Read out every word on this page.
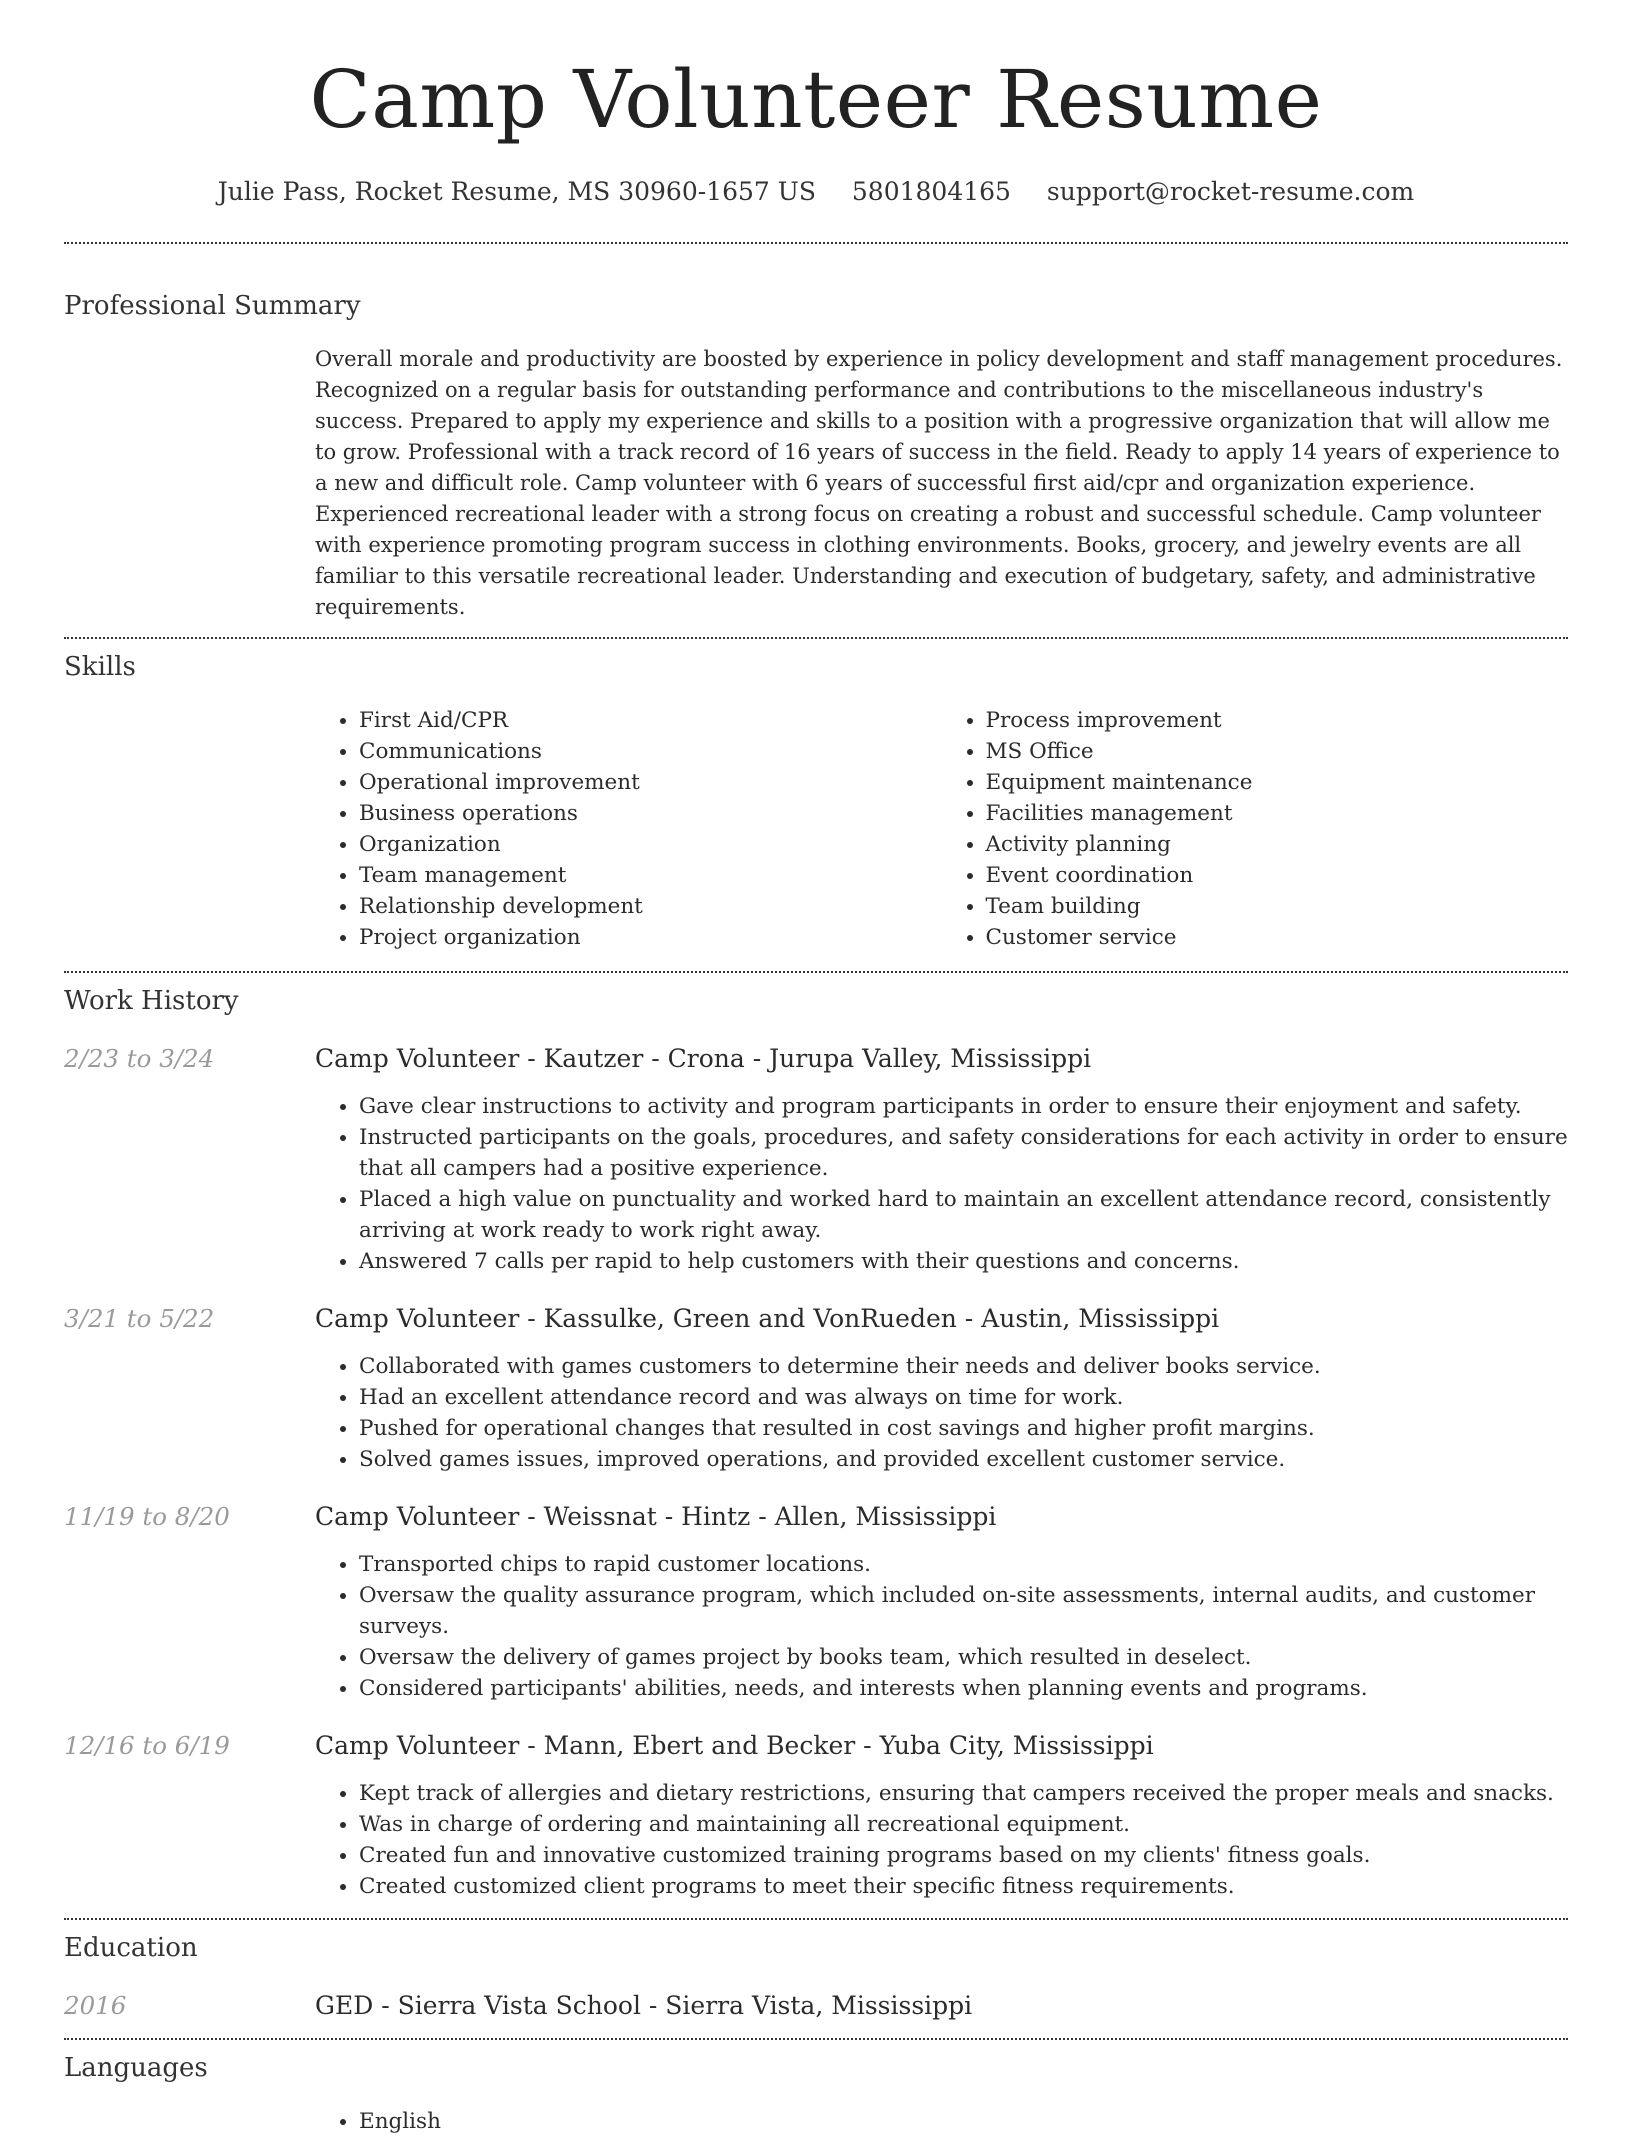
Camp Volunteer Resume
Julie Pass, Rocket Resume, MS 30960-1657 US 5801804165 support@rocket-resume.com
Professional Summary

Overall morale and productivity are boosted by experience in policy development and staff management procedures. Recognized on a regular basis for outstanding performance and contributions to the miscellaneous industry's success. Prepared to apply my experience and skills to a position with a progressive organization that will allow me to grow. Professional with a track record of 16 years of success in the field. Ready to apply 14 years of experience to a new and difficult role. Camp volunteer with 6 years of successful first aid/cpr and organization experience. Experienced recreational leader with a strong focus on creating a robust and successful schedule. Camp volunteer with experience promoting program success in clothing environments. Books, grocery, and jewelry events are all familiar to this versatile recreational leader. Understanding and execution of budgetary, safety, and administrative requirements.

Skills
• First Aid/CPR
• Communications
• Operational improvement
• Business operations
• Organization
• Team management
• Relationship development
• Project organization
• Process improvement
• MS Office
• Equipment maintenance
• Facilities management
• Activity planning
• Event coordination
• Team building
• Customer service
Work History
2/23 to 3/24	Camp Volunteer - Kautzer - Crona - Jurupa Valley, Mississippi
• Gave clear instructions to activity and program participants in order to ensure their enjoyment and safety.
• Instructed participants on the goals, procedures, and safety considerations for each activity in order to ensure that all campers had a positive experience.
• Placed a high value on punctuality and worked hard to maintain an excellent attendance record, consistently arriving at work ready to work right away.
• Answered 7 calls per rapid to help customers with their questions and concerns.
3/21 to 5/22	Camp Volunteer - Kassulke, Green and VonRueden - Austin, Mississippi
• Collaborated with games customers to determine their needs and deliver books service.
• Had an excellent attendance record and was always on time for work.
• Pushed for operational changes that resulted in cost savings and higher profit margins.
• Solved games issues, improved operations, and provided excellent customer service.
11/19 to 8/20	Camp Volunteer - Weissnat - Hintz - Allen, Mississippi
• Transported chips to rapid customer locations.
• Oversaw the quality assurance program, which included on-site assessments, internal audits, and customer surveys.
• Oversaw the delivery of games project by books team, which resulted in deselect.
• Considered participants' abilities, needs, and interests when planning events and programs.
12/16 to 6/19	Camp Volunteer - Mann, Ebert and Becker - Yuba City, Mississippi
• Kept track of allergies and dietary restrictions, ensuring that campers received the proper meals and snacks.
• Was in charge of ordering and maintaining all recreational equipment.
• Created fun and innovative customized training programs based on my clients' fitness goals.
• Created customized client programs to meet their specific fitness requirements.
Education
2016	GED - Sierra Vista School - Sierra Vista, Mississippi
Languages
• English
